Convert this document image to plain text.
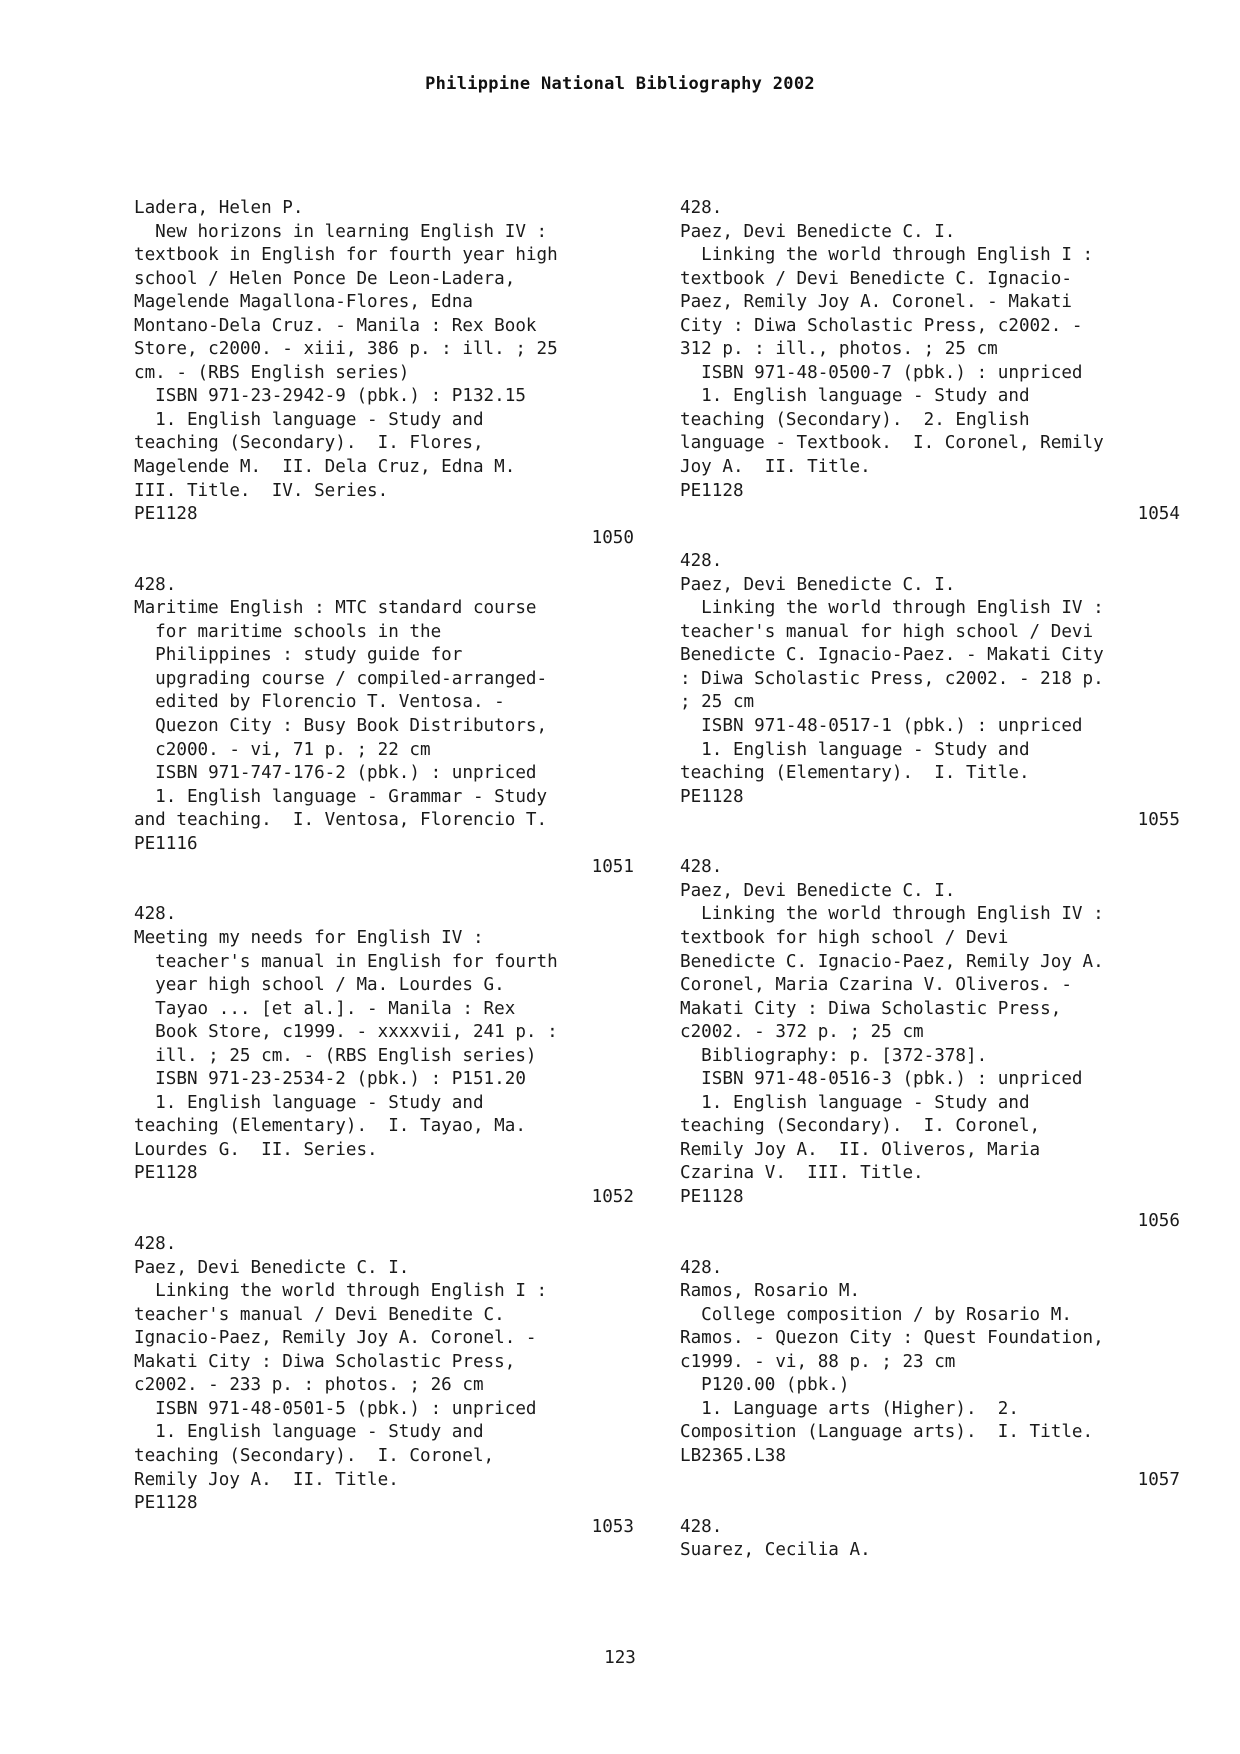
Philippine National Bibliography 2002
Ladera, Helen P.
New horizons in learning English IV :
textbook in English for fourth year high
school / Helen Ponce De Leon-Ladera,
Magelende Magallona-Flores, Edna
Montano-Dela Cruz. - Manila : Rex Book
Store, c2000. - xiii, 386 p. : ill. ; 25
cm. - (RBS English series)
ISBN 971-23-2942-9 (pbk.) : P132.15
1. English language - Study and
teaching (Secondary).  I. Flores,
Magelende M.  II. Dela Cruz, Edna M.
III. Title.  IV. Series.
PE1128
1050
428.
Maritime English : MTC standard course
for maritime schools in the
Philippines : study guide for
upgrading course / compiled-arranged-
edited by Florencio T. Ventosa. -
Quezon City : Busy Book Distributors,
c2000. - vi, 71 p. ; 22 cm
ISBN 971-747-176-2 (pbk.) : unpriced
1. English language - Grammar - Study
and teaching.  I. Ventosa, Florencio T.
PE1116
1051
428.
Meeting my needs for English IV :
teacher's manual in English for fourth
year high school / Ma. Lourdes G.
Tayao ... [et al.]. - Manila : Rex
Book Store, c1999. - xxxxvii, 241 p. :
ill. ; 25 cm. - (RBS English series)
ISBN 971-23-2534-2 (pbk.) : P151.20
1. English language - Study and
teaching (Elementary).  I. Tayao, Ma.
Lourdes G.  II. Series.
PE1128
1052
428.
Paez, Devi Benedicte C. I.
Linking the world through English I :
teacher's manual / Devi Benedite C.
Ignacio-Paez, Remily Joy A. Coronel. -
Makati City : Diwa Scholastic Press,
c2002. - 233 p. : photos. ; 26 cm
ISBN 971-48-0501-5 (pbk.) : unpriced
1. English language - Study and
teaching (Secondary).  I. Coronel,
Remily Joy A.  II. Title.
PE1128
1053
428.
Paez, Devi Benedicte C. I.
Linking the world through English I :
textbook / Devi Benedicte C. Ignacio-
Paez, Remily Joy A. Coronel. - Makati
City : Diwa Scholastic Press, c2002. -
312 p. : ill., photos. ; 25 cm
ISBN 971-48-0500-7 (pbk.) : unpriced
1. English language - Study and
teaching (Secondary).  2. English
language - Textbook.  I. Coronel, Remily
Joy A.  II. Title.
PE1128
1054
428.
Paez, Devi Benedicte C. I.
Linking the world through English IV :
teacher's manual for high school / Devi
Benedicte C. Ignacio-Paez. - Makati City
: Diwa Scholastic Press, c2002. - 218 p.
; 25 cm
ISBN 971-48-0517-1 (pbk.) : unpriced
1. English language - Study and
teaching (Elementary).  I. Title.
PE1128
1055
428.
Paez, Devi Benedicte C. I.
Linking the world through English IV :
textbook for high school / Devi
Benedicte C. Ignacio-Paez, Remily Joy A.
Coronel, Maria Czarina V. Oliveros. -
Makati City : Diwa Scholastic Press,
c2002. - 372 p. ; 25 cm
Bibliography: p. [372-378].
ISBN 971-48-0516-3 (pbk.) : unpriced
1. English language - Study and
teaching (Secondary).  I. Coronel,
Remily Joy A.  II. Oliveros, Maria
Czarina V.  III. Title.
PE1128
1056
428.
Ramos, Rosario M.
College composition / by Rosario M.
Ramos. - Quezon City : Quest Foundation,
c1999. - vi, 88 p. ; 23 cm
P120.00 (pbk.)
1. Language arts (Higher).  2.
Composition (Language arts).  I. Title.
LB2365.L38
1057
428.
Suarez, Cecilia A.
123
